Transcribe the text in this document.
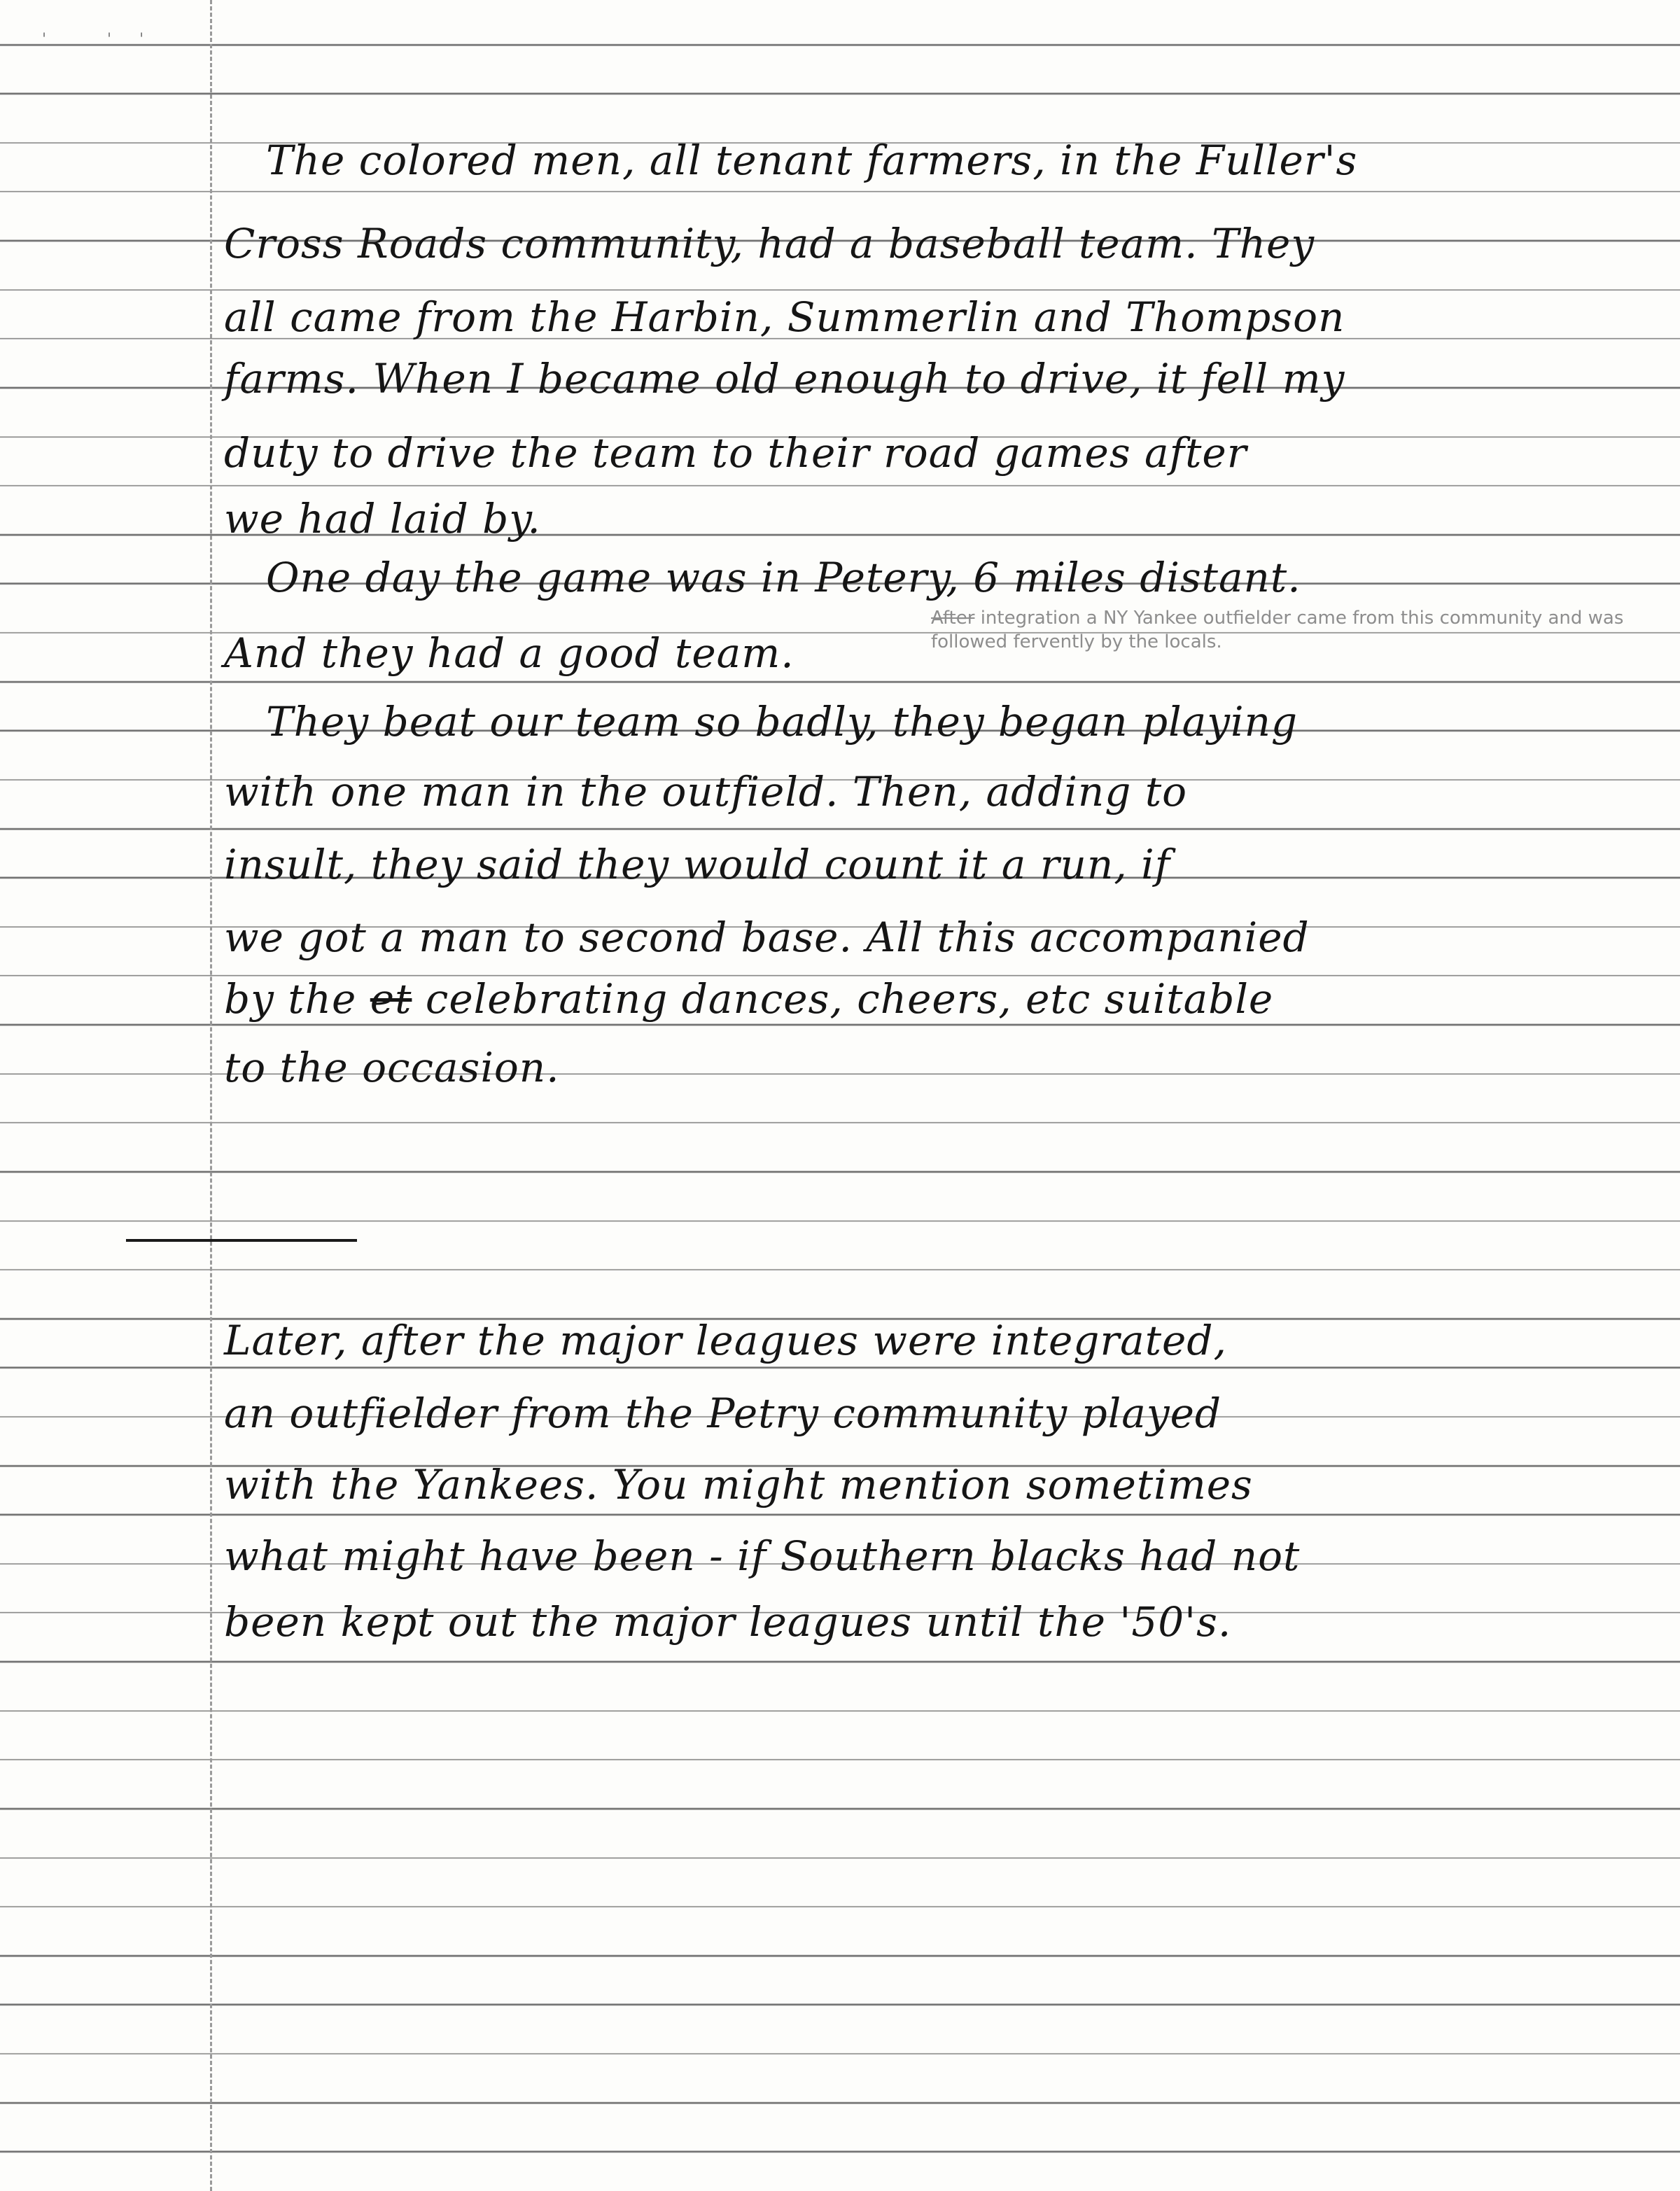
' ''
The colored men, all tenant farmers, in the Fuller's
Cross Roads community, had a baseball team. They
all came from the Harbin, Summerlin and Thompson
farms. When I became old enough to drive, it fell my
duty to drive the team to their road games after
we had laid by.
One day the game was in Petery, 6 miles distant.
And they had a good team.
After integration a NY Yankee outfielder came from this community and was followed fervently by the locals.
They beat our team so badly, they began playing
with one man in the outfield. Then, adding to
insult, they said they would count it a run, if
we got a man to second base. All this accompanied
by the et celebrating dances, cheers, etc suitable
to the occasion.
Later, after the major leagues were integrated,
an outfielder from the Petry community played
with the Yankees. You might mention sometimes
what might have been - if Southern blacks had not
been kept out the major leagues until the '50's.
